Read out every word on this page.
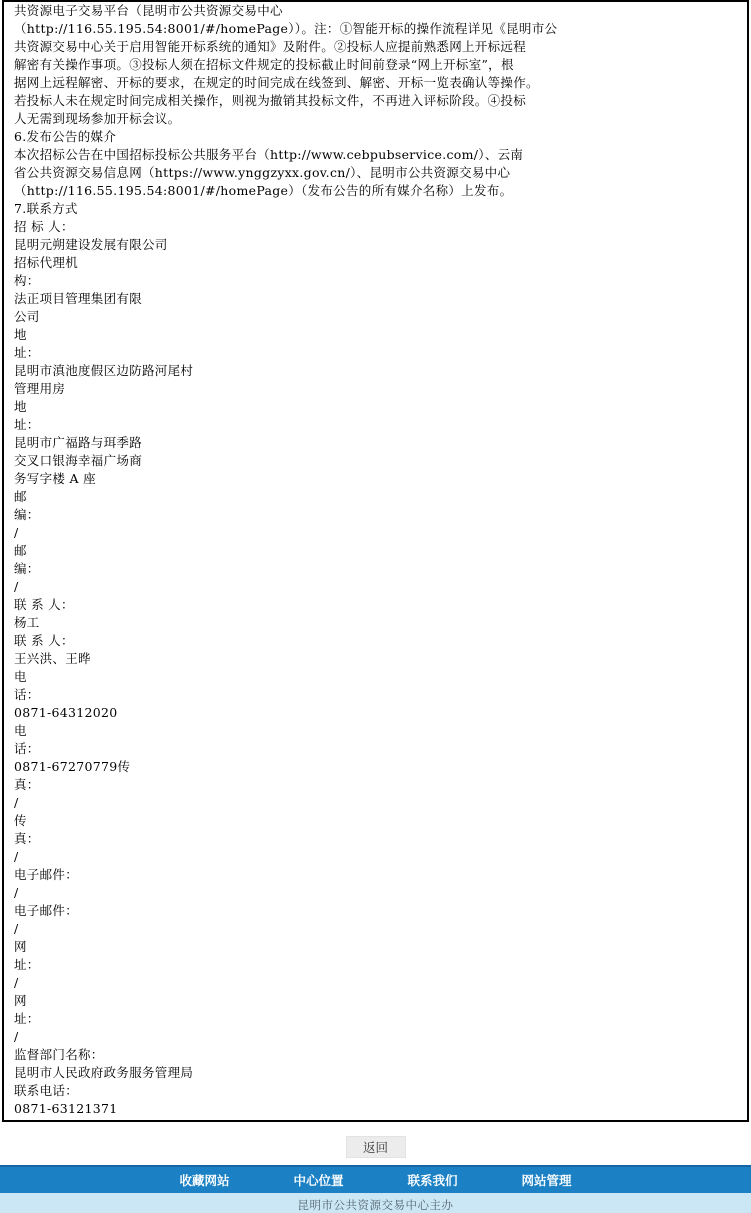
共资源电子交易平台（昆明市公共资源交易中心
（http://116.55.195.54:8001/#/homePage））。注：①智能开标的操作流程详见《昆明市公
共资源交易中心关于启用智能开标系统的通知》及附件。②投标人应提前熟悉网上开标远程
解密有关操作事项。③投标人须在招标文件规定的投标截止时间前登录“网上开标室”，根
据网上远程解密、开标的要求，在规定的时间完成在线签到、解密、开标一览表确认等操作。
若投标人未在规定时间完成相关操作，则视为撤销其投标文件，不再进入评标阶段。④投标
人无需到现场参加开标会议。
6.发布公告的媒介
本次招标公告在中国招标投标公共服务平台（http://www.cebpubservice.com/）、云南
省公共资源交易信息网（https://www.ynggzyxx.gov.cn/）、昆明市公共资源交易中心
（http://116.55.195.54:8001/#/homePage）（发布公告的所有媒介名称）上发布。
7.联系方式
招 标 人：
昆明元朔建设发展有限公司
招标代理机
构：
法正项目管理集团有限
公司
地
址：
昆明市滇池度假区边防路河尾村
管理用房
地
址：
昆明市广福路与珥季路
交叉口银海幸福广场商
务写字楼 A 座
邮
编：
/
邮
编：
/
联 系 人：
杨工
联 系 人：
王兴洪、王晔
电
话：
0871-64312020
电
话：
0871-67270779传
真：
/
传
真：
/
电子邮件：
/
电子邮件：
/
网
址：
/
网
址：
/
监督部门名称：
昆明市人民政府政务服务管理局
联系电话：
0871-63121371
返回
收藏网站	中心位置	联系我们	网站管理
昆明市公共资源交易中心主办
